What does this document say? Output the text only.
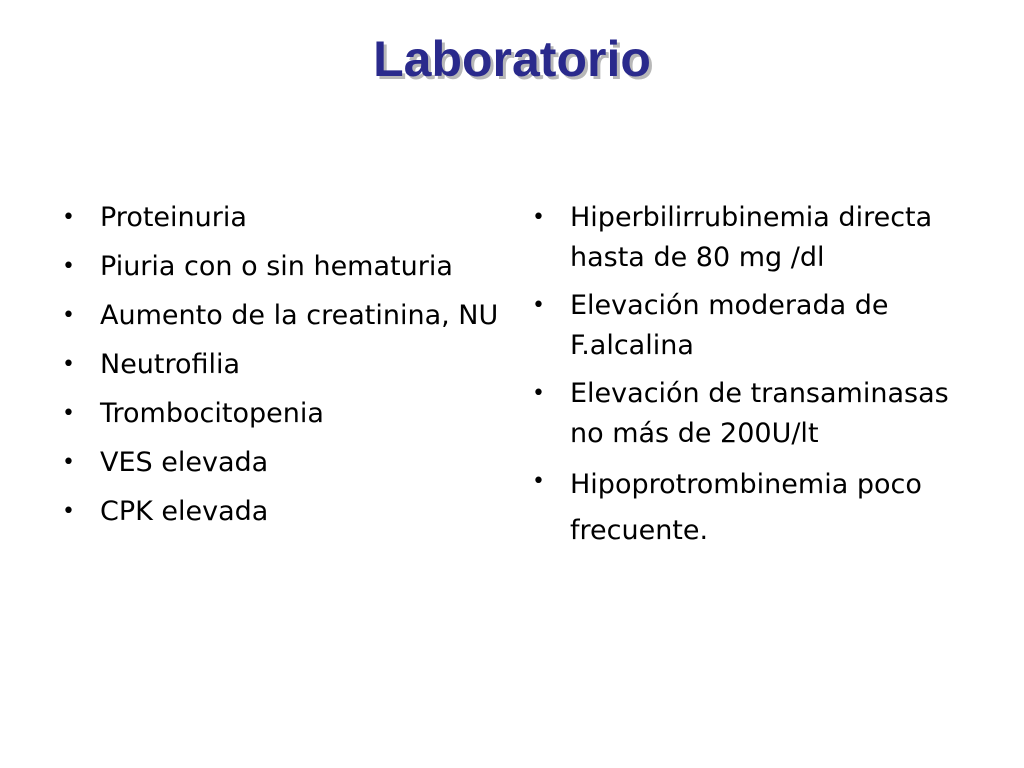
Laboratorio
• Proteinuria
• Piuria con o sin hematuria
• Aumento de la creatinina, NU
• Neutrofilia
• Trombocitopenia
• VES elevada
• CPK elevada
• Hiperbilirrubinemia directa hasta de 80 mg /dl
• Elevación moderada de F.alcalina
• Elevación de transaminasas no más de 200U/lt
• Hipoprotrombinemia poco frecuente.
